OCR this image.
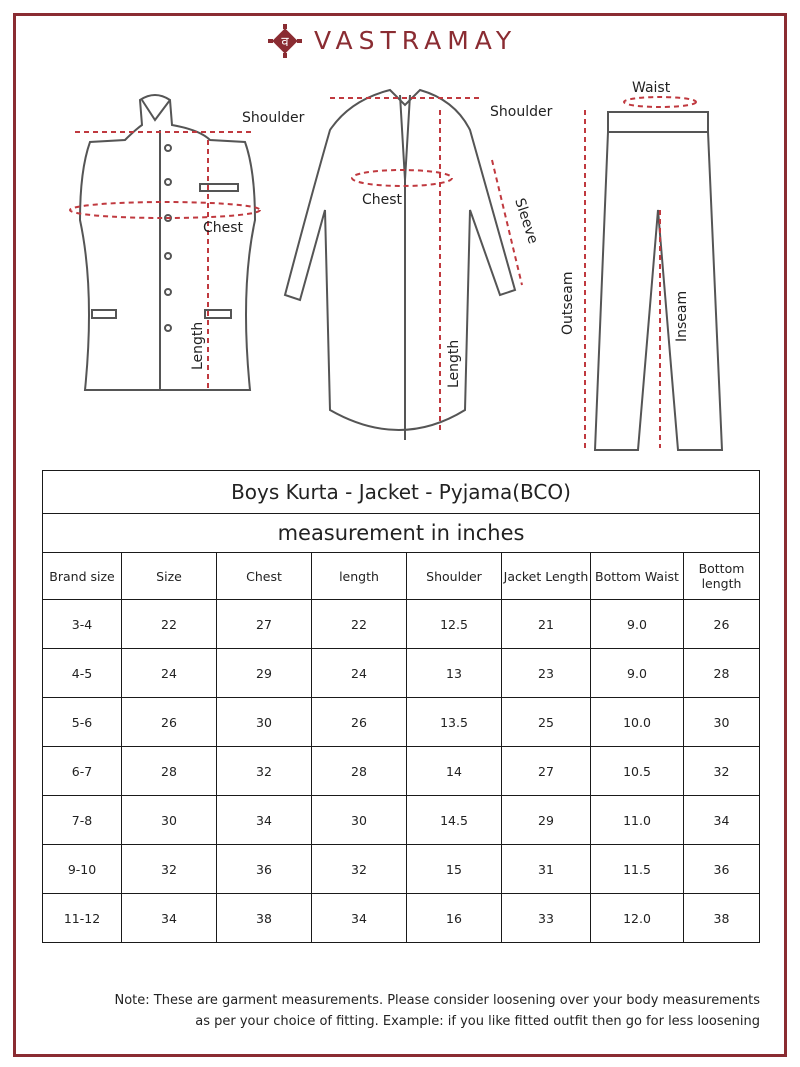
व VASTRAMAY
Shoulder
Chest
Length
Shoulder
Chest	Sleeve
Length
Waist
Outseam	Inseam
Boys Kurta - Jacket - Pyjama(BCO)							
measurement in inches							
Brand size	Size	Chest	length	Shoulder	Jacket Length	Bottom Waist	Bottom length
3-4	22	27	22	12.5	21	9.0	26
4-5	24	29	24	13	23	9.0	28
5-6	26	30	26	13.5	25	10.0	30
6-7	28	32	28	14	27	10.5	32
7-8	30	34	30	14.5	29	11.0	34
9-10	32	36	32	15	31	11.5	36
11-12	34	38	34	16	33	12.0	38
Note: These are garment measurements. Please consider loosening over your body measurements
as per your choice of fitting. Example: if you like fitted outfit then go for less loosening
